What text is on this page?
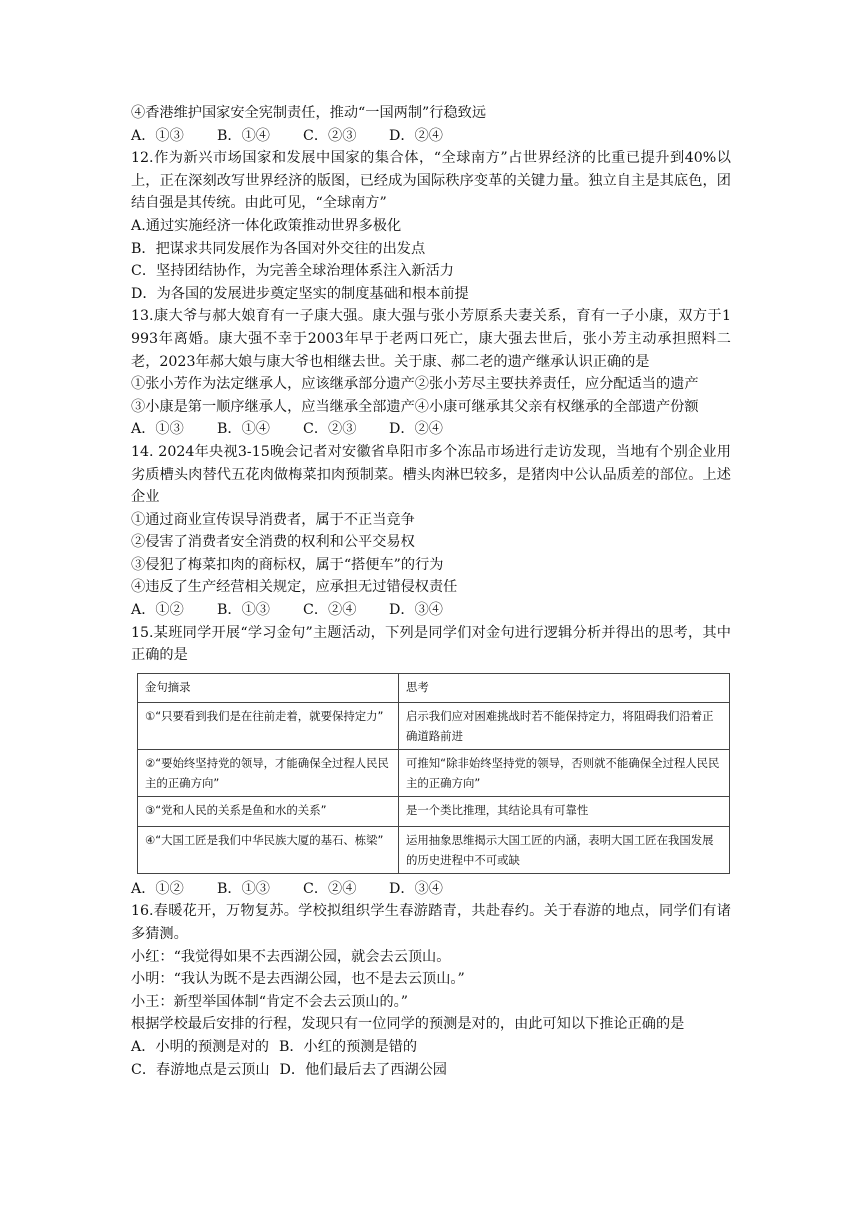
④香港维护国家安全宪制责任，推动“一国两制”行稳致远
A．①③ B．①④ C．②③ D．②④
12.作为新兴市场国家和发展中国家的集合体，“全球南方”占世界经济的比重已提升到40%以上，正在深刻改写世界经济的版图，已经成为国际秩序变革的关键力量。独立自主是其底色，团结自强是其传统。由此可见，“全球南方”
A.通过实施经济一体化政策推动世界多极化
B．把谋求共同发展作为各国对外交往的出发点
C．坚持团结协作，为完善全球治理体系注入新活力
D．为各国的发展进步奠定坚实的制度基础和根本前提
13.康大爷与郝大娘育有一子康大强。康大强与张小芳原系夫妻关系，育有一子小康，双方于1 993年离婚。康大强不幸于2003年早于老两口死亡，康大强去世后，张小芳主动承担照料二老，2023年郝大娘与康大爷也相继去世。关于康、郝二老的遗产继承认识正确的是
①张小芳作为法定继承人，应该继承部分遗产②张小芳尽主要扶养责任，应分配适当的遗产
③小康是第一顺序继承人，应当继承全部遗产④小康可继承其父亲有权继承的全部遗产份额
A．①③ B．①④ C．②③ D．②④
14. 2024年央视3-15晚会记者对安徽省阜阳市多个冻品市场进行走访发现，当地有个别企业用劣质槽头肉替代五花肉做梅菜扣肉预制菜。槽头肉淋巴较多，是猪肉中公认品质差的部位。上述企业
①通过商业宣传误导消费者，属于不正当竞争
②侵害了消费者安全消费的权利和公平交易权
③侵犯了梅菜扣肉的商标权，属于“搭便车”的行为
④违反了生产经营相关规定，应承担无过错侵权责任
A．①② B．①③ C．②④ D．③④
15.某班同学开展“学习金句”主题活动，下列是同学们对金句进行逻辑分析并得出的思考，其中正确的是
金句摘录	思考
①“只要看到我们是在往前走着，就要保持定力”	启示我们应对困难挑战时若不能保持定力，将阻碍我们沿着正确道路前进
②“要始终坚持党的领导，才能确保全过程人民民主的正确方向”	可推知“除非始终坚持党的领导，否则就不能确保全过程人民民主的正确方向”
③“党和人民的关系是鱼和水的关系”	是一个类比推理，其结论具有可靠性
④“大国工匠是我们中华民族大厦的基石、栋梁”	运用抽象思维揭示大国工匠的内涵，表明大国工匠在我国发展的历史进程中不可或缺
A．①② B．①③ C．②④ D．③④
16.春暖花开，万物复苏。学校拟组织学生春游踏青，共赴春约。关于春游的地点，同学们有诸多猜测。
小红：“我觉得如果不去西湖公园，就会去云顶山。
小明：“我认为既不是去西湖公园，也不是去云顶山。”
小王：新型举国体制“肯定不会去云顶山的。”
根据学校最后安排的行程，发现只有一位同学的预测是对的，由此可知以下推论正确的是
A．小明的预测是对的 B．小红的预测是错的
C．春游地点是云顶山 D．他们最后去了西湖公园
